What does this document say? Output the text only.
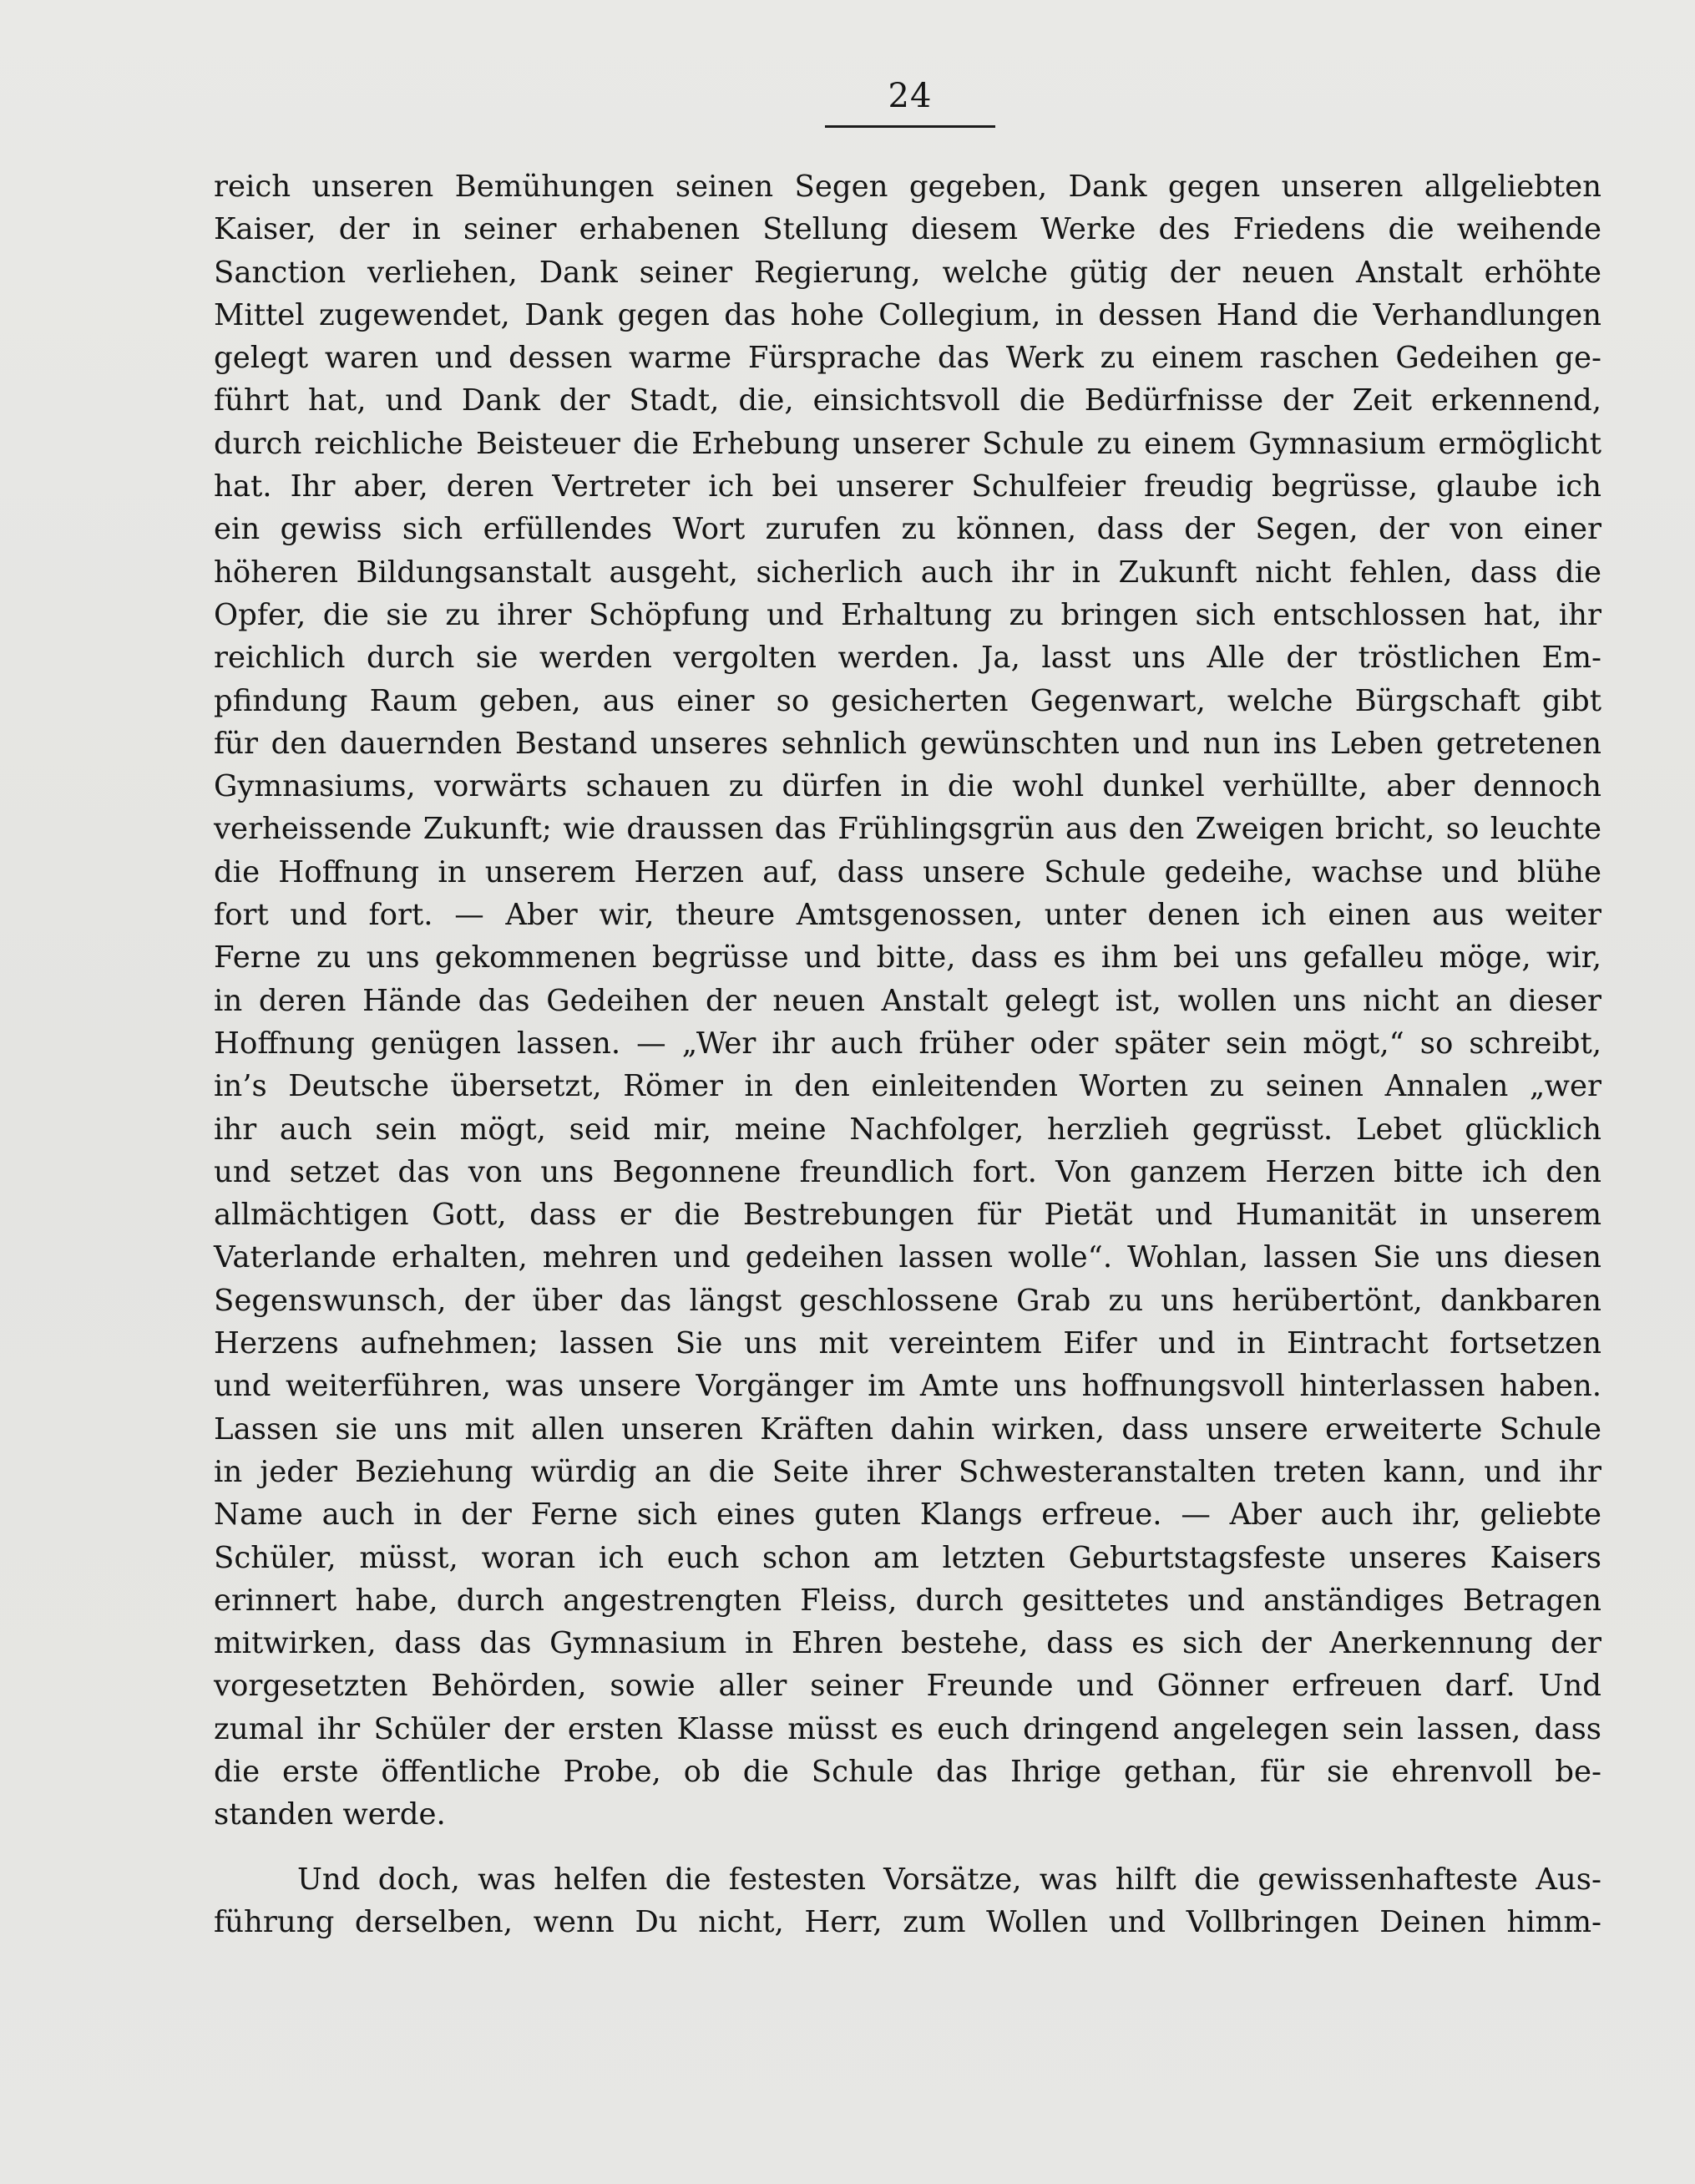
24
reich unseren Bemühungen seinen Segen gegeben, Dank gegen unseren allgeliebten
Kaiser, der in seiner erhabenen Stellung diesem Werke des Friedens die weihende
Sanction verliehen, Dank seiner Regierung, welche gütig der neuen Anstalt erhöhte
Mittel zugewendet, Dank gegen das hohe Collegium, in dessen Hand die Verhandlungen
gelegt waren und dessen warme Fürsprache das Werk zu einem raschen Gedeihen ge-
führt hat, und Dank der Stadt, die, einsichtsvoll die Bedürfnisse der Zeit erkennend,
durch reichliche Beisteuer die Erhebung unserer Schule zu einem Gymnasium ermöglicht
hat. Ihr aber, deren Vertreter ich bei unserer Schulfeier freudig begrüsse, glaube ich
ein gewiss sich erfüllendes Wort zurufen zu können, dass der Segen, der von einer
höheren Bildungsanstalt ausgeht, sicherlich auch ihr in Zukunft nicht fehlen, dass die
Opfer, die sie zu ihrer Schöpfung und Erhaltung zu bringen sich entschlossen hat, ihr
reichlich durch sie werden vergolten werden. Ja, lasst uns Alle der tröstlichen Em-
pfindung Raum geben, aus einer so gesicherten Gegenwart, welche Bürgschaft gibt
für den dauernden Bestand unseres sehnlich gewünschten und nun ins Leben getretenen
Gymnasiums, vorwärts schauen zu dürfen in die wohl dunkel verhüllte, aber dennoch
verheissende Zukunft; wie draussen das Frühlingsgrün aus den Zweigen bricht, so leuchte
die Hoffnung in unserem Herzen auf, dass unsere Schule gedeihe, wachse und blühe
fort und fort. — Aber wir, theure Amtsgenossen, unter denen ich einen aus weiter
Ferne zu uns gekommenen begrüsse und bitte, dass es ihm bei uns gefalleu möge, wir,
in deren Hände das Gedeihen der neuen Anstalt gelegt ist, wollen uns nicht an dieser
Hoffnung genügen lassen. — „Wer ihr auch früher oder später sein mögt,“ so schreibt,
in’s Deutsche übersetzt, Römer in den einleitenden Worten zu seinen Annalen „wer
ihr auch sein mögt, seid mir, meine Nachfolger, herzlieh gegrüsst. Lebet glücklich
und setzet das von uns Begonnene freundlich fort. Von ganzem Herzen bitte ich den
allmächtigen Gott, dass er die Bestrebungen für Pietät und Humanität in unserem
Vaterlande erhalten, mehren und gedeihen lassen wolle“. Wohlan, lassen Sie uns diesen
Segenswunsch, der über das längst geschlossene Grab zu uns herübertönt, dankbaren
Herzens aufnehmen; lassen Sie uns mit vereintem Eifer und in Eintracht fortsetzen
und weiterführen, was unsere Vorgänger im Amte uns hoffnungsvoll hinterlassen haben.
Lassen sie uns mit allen unseren Kräften dahin wirken, dass unsere erweiterte Schule
in jeder Beziehung würdig an die Seite ihrer Schwesteranstalten treten kann, und ihr
Name auch in der Ferne sich eines guten Klangs erfreue. — Aber auch ihr, geliebte
Schüler, müsst, woran ich euch schon am letzten Geburtstagsfeste unseres Kaisers
erinnert habe, durch angestrengten Fleiss, durch gesittetes und anständiges Betragen
mitwirken, dass das Gymnasium in Ehren bestehe, dass es sich der Anerkennung der
vorgesetzten Behörden, sowie aller seiner Freunde und Gönner erfreuen darf. Und
zumal ihr Schüler der ersten Klasse müsst es euch dringend angelegen sein lassen, dass
die erste öffentliche Probe, ob die Schule das Ihrige gethan, für sie ehrenvoll be-
standen werde.
Und doch, was helfen die festesten Vorsätze, was hilft die gewissenhafteste Aus-
führung derselben, wenn Du nicht, Herr, zum Wollen und Vollbringen Deinen himm-
